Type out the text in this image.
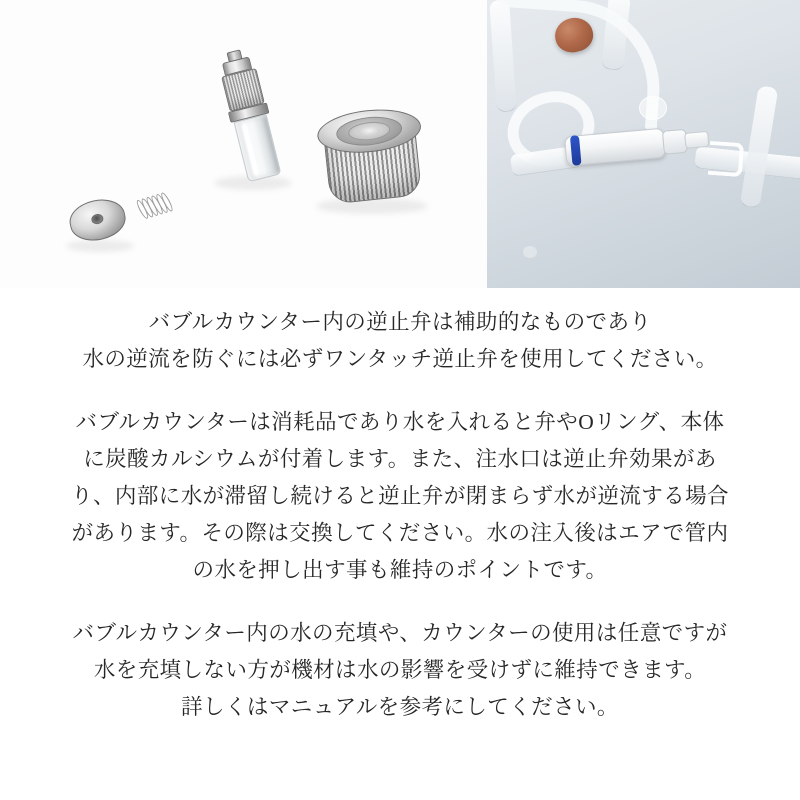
バブルカウンター内の逆止弁は補助的なものであり
水の逆流を防ぐには必ずワンタッチ逆止弁を使用してください。

バブルカウンターは消耗品であり水を入れると弁やOリング、本体
に炭酸カルシウムが付着します。また、注水口は逆止弁効果があ
り、内部に水が滞留し続けると逆止弁が閉まらず水が逆流する場合
があります。その際は交換してください。水の注入後はエアで管内
の水を押し出す事も維持のポイントです。

バブルカウンター内の水の充填や、カウンターの使用は任意ですが
水を充填しない方が機材は水の影響を受けずに維持できます。
詳しくはマニュアルを参考にしてください。
